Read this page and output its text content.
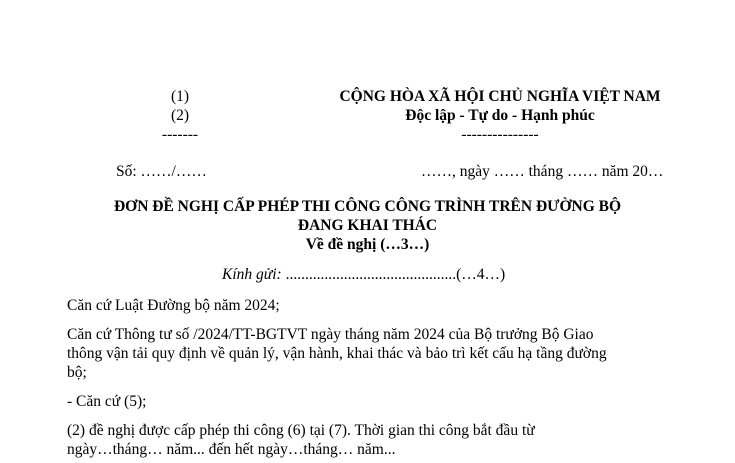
(1)
(2)
-------
CỘNG HÒA XÃ HỘI CHỦ NGHĨA VIỆT NAM
Độc lập - Tự do - Hạnh phúc
---------------
Số: ……/……	……, ngày …… tháng …… năm 20…
ĐƠN ĐỀ NGHỊ CẤP PHÉP THI CÔNG CÔNG TRÌNH TRÊN ĐƯỜNG BỘ
ĐANG KHAI THÁC
Về đề nghị (…3…)
Kính gửi: ............................................(…4…)
Căn cứ Luật Đường bộ năm 2024;
Căn cứ Thông tư số /2024/TT-BGTVT ngày tháng năm 2024 của Bộ trưởng Bộ Giao
thông vận tải quy định về quản lý, vận hành, khai thác và bảo trì kết cấu hạ tầng đường
bộ;
- Căn cứ (5);
(2) đề nghị được cấp phép thi công (6) tại (7). Thời gian thi công bắt đầu từ
ngày…tháng… năm... đến hết ngày…tháng… năm...
